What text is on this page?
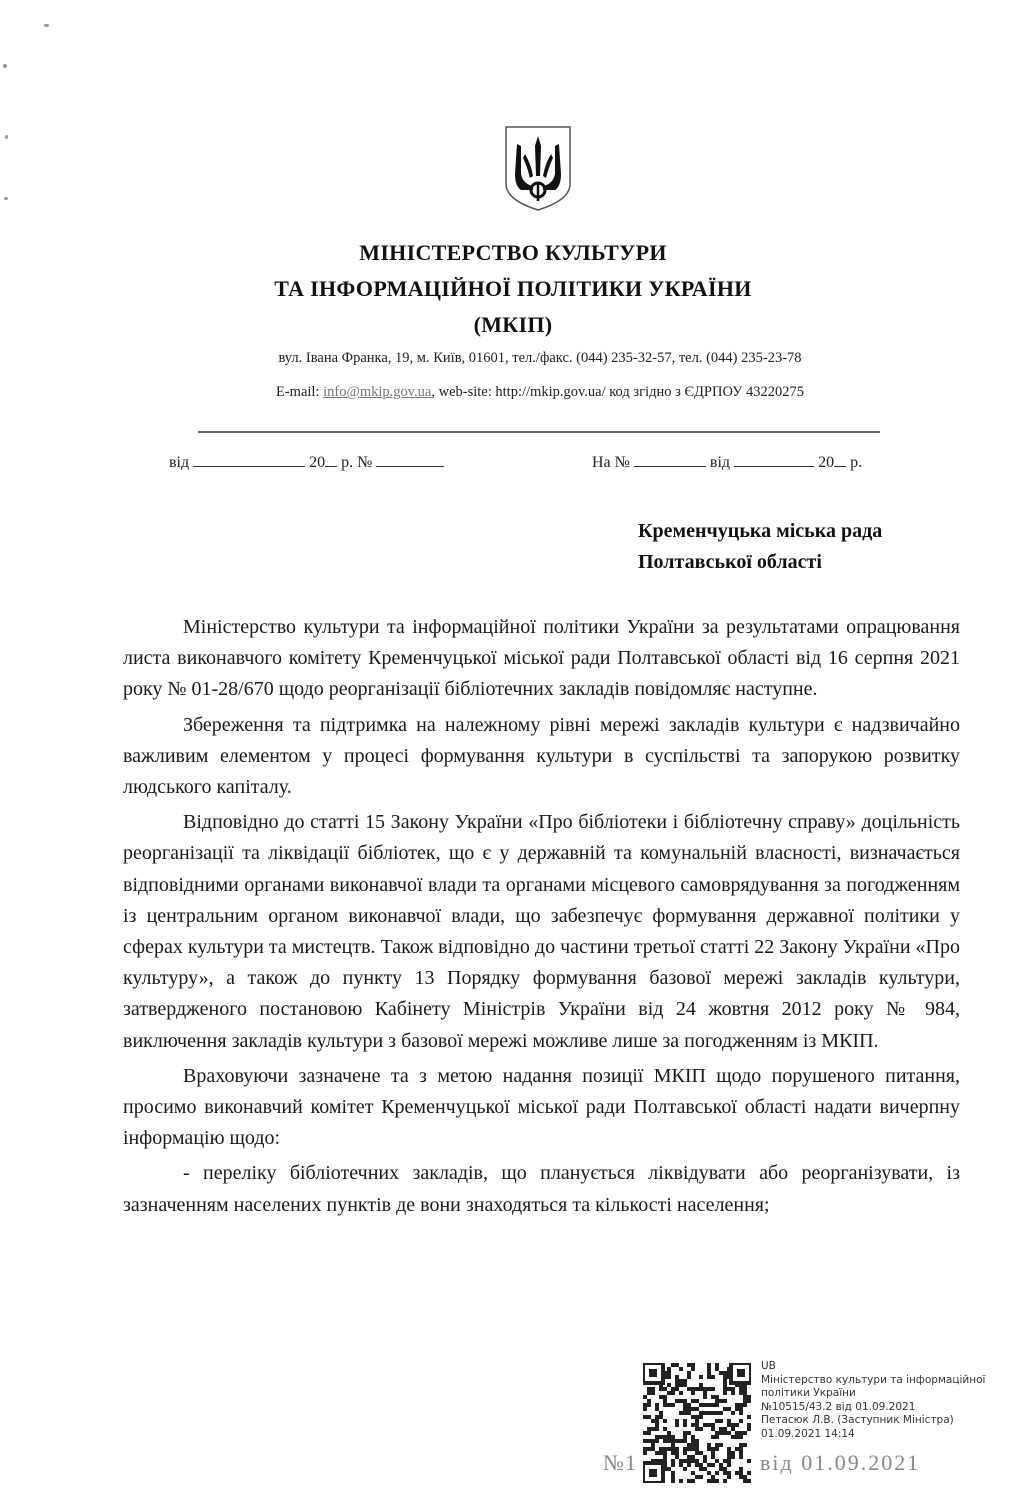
МІНІСТЕРСТВО КУЛЬТУРИ
ТА ІНФОРМАЦІЙНОЇ ПОЛІТИКИ УКРАЇНИ
(МКІП)
вул. Івана Франка, 19, м. Київ, 01601, тел./факс. (044) 235-32-57, тел. (044) 235-23-78
E-mail: info@mkip.gov.ua, web-site: http://mkip.gov.ua/ код згідно з ЄДРПОУ 43220275
від	20 р. №	На №	від	20 р.
Кременчуцька міська рада
Полтавської області

Міністерство культури та інформаційної політики України за результатами опрацювання листа виконавчого комітету Кременчуцької міської ради Полтавської області від 16 серпня 2021 року № 01-28/670 щодо реорганізації бібліотечних закладів повідомляє наступне.

Збереження та підтримка на належному рівні мережі закладів культури є надзвичайно важливим елементом у процесі формування культури в суспільстві та запорукою розвитку людського капіталу.

Відповідно до статті 15 Закону України «Про бібліотеки і бібліотечну справу» доцільність реорганізації та ліквідації бібліотек, що є у державній та комунальній власності, визначається відповідними органами виконавчої влади та органами місцевого самоврядування за погодженням із центральним органом виконавчої влади, що забезпечує формування державної політики у сферах культури та мистецтв. Також відповідно до частини третьої статті 22 Закону України «Про культуру», а також до пункту 13 Порядку формування базової мережі закладів культури, затвердженого постановою Кабінету Міністрів України від 24 жовтня 2012 року № 984, виключення закладів культури з базової мережі можливе лише за погодженням із МКІП.

Враховуючи зазначене та з метою надання позиції МКІП щодо порушеного питання, просимо виконавчий комітет Кременчуцької міської ради Полтавської області надати вичерпну інформацію щодо:

- переліку бібліотечних закладів, що планується ліквідувати або реорганізувати, із зазначенням населених пунктів де вони знаходяться та кількості населення;

UB
Міністерство культури та інформаційної
політики України
№10515/43.2 від 01.09.2021
Петасюк Л.В. (Заступник Міністра)
01.09.2021 14:14
№1	від 01.09.2021
